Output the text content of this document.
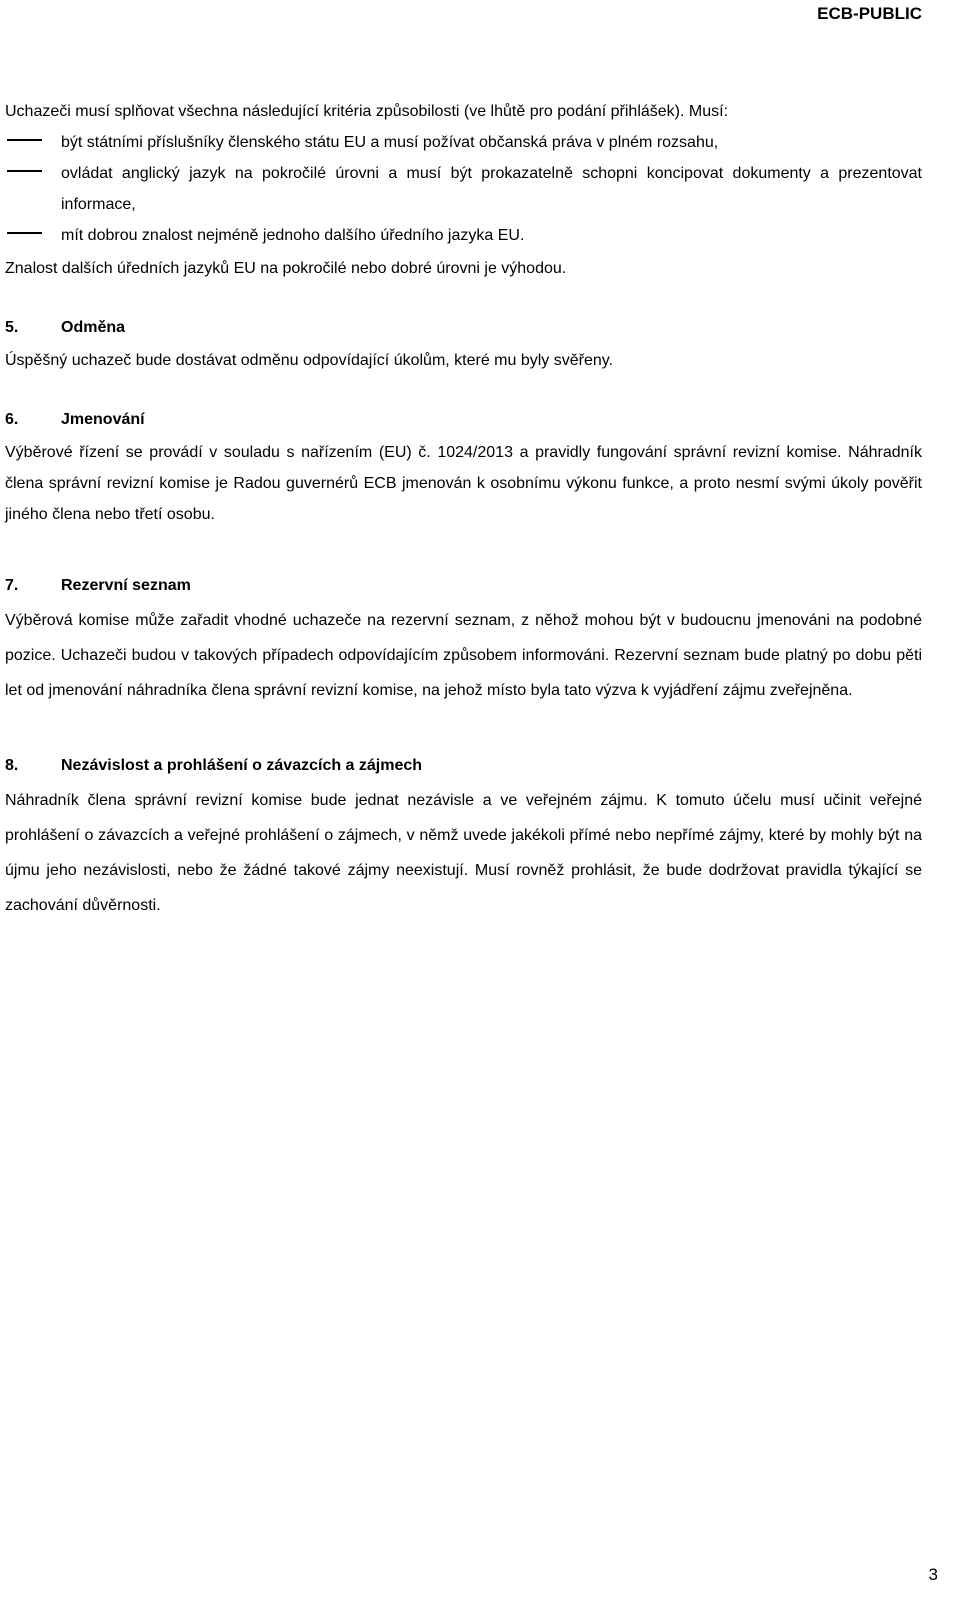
ECB-PUBLIC

Uchazeči musí splňovat všechna následující kritéria způsobilosti (ve lhůtě pro podání přihlášek). Musí:

být státními příslušníky členského státu EU a musí požívat občanská práva v plném rozsahu,
ovládat anglický jazyk na pokročilé úrovni a musí být prokazatelně schopni koncipovat dokumenty a prezentovat informace,
mít dobrou znalost nejméně jednoho dalšího úředního jazyka EU.

Znalost dalších úředních jazyků EU na pokročilé nebo dobré úrovni je výhodou.

5.	Odměna

Úspěšný uchazeč bude dostávat odměnu odpovídající úkolům, které mu byly svěřeny.

6.	Jmenování

Výběrové řízení se provádí v souladu s nařízením (EU) č. 1024/2013 a pravidly fungování správní revizní komise. Náhradník člena správní revizní komise je Radou guvernérů ECB jmenován k osobnímu výkonu funkce, a proto nesmí svými úkoly pověřit jiného člena nebo třetí osobu.

7.	Rezervní seznam

Výběrová komise může zařadit vhodné uchazeče na rezervní seznam, z něhož mohou být v budoucnu jmenováni na podobné pozice. Uchazeči budou v takových případech odpovídajícím způsobem informováni. Rezervní seznam bude platný po dobu pěti let od jmenování náhradníka člena správní revizní komise, na jehož místo byla tato výzva k vyjádření zájmu zveřejněna.

8.	Nezávislost a prohlášení o závazcích a zájmech

Náhradník člena správní revizní komise bude jednat nezávisle a ve veřejném zájmu. K tomuto účelu musí učinit veřejné prohlášení o závazcích a veřejné prohlášení o zájmech, v němž uvede jakékoli přímé nebo nepřímé zájmy, které by mohly být na újmu jeho nezávislosti, nebo že žádné takové zájmy neexistují. Musí rovněž prohlásit, že bude dodržovat pravidla týkající se zachování důvěrnosti.

3
